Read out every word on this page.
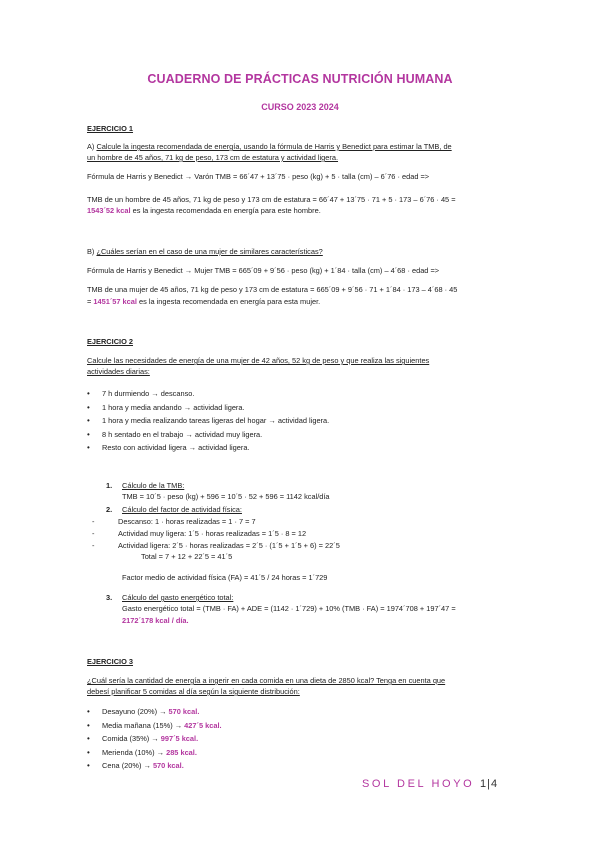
CUADERNO DE PRÁCTICAS NUTRICIÓN HUMANA
CURSO 2023 2024
EJERCICIO 1
A) Calcule la ingesta recomendada de energía, usando la fórmula de Harris y Benedict para estimar la TMB, de
un hombre de 45 años, 71 kg de peso, 173 cm de estatura y actividad ligera.
Fórmula de Harris y Benedict → Varón TMB = 66´47 + 13´75 · peso (kg) + 5 · talla (cm) – 6´76 · edad =>
TMB de un hombre de 45 años, 71 kg de peso y 173 cm de estatura = 66´47 + 13´75 · 71 + 5 · 173 – 6´76 · 45 =
1543´52 kcal es la ingesta recomendada en energía para este hombre.
B) ¿Cuáles serían en el caso de una mujer de similares características?
Fórmula de Harris y Benedict → Mujer TMB = 665´09 + 9´56 · peso (kg) + 1´84 · talla (cm) – 4´68 · edad =>
TMB de una mujer de 45 años, 71 kg de peso y 173 cm de estatura = 665´09 + 9´56 · 71 + 1´84 · 173 – 4´68 · 45
= 1451´57 kcal es la ingesta recomendada en energía para esta mujer.
EJERCICIO 2
Calcule las necesidades de energía de una mujer de 42 años, 52 kg de peso y que realiza las siguientes
actividades diarias:
• 7 h durmiendo → descanso.
• 1 hora y media andando → actividad ligera.
• 1 hora y media realizando tareas ligeras del hogar → actividad ligera.
• 8 h sentado en el trabajo → actividad muy ligera.
• Resto con actividad ligera → actividad ligera.
1. Cálculo de la TMB:
TMB = 10´5 · peso (kg) + 596 = 10´5 · 52 + 596 = 1142 kcal/día
2. Cálculo del factor de actividad física:
-	Descanso: 1 · horas realizadas = 1 · 7 = 7
-	Actividad muy ligera: 1´5 · horas realizadas = 1´5 · 8 = 12
-	Actividad ligera: 2´5 · horas realizadas = 2´5 · (1´5 + 1´5 + 6) = 22´5
Total = 7 + 12 + 22´5 = 41´5
Factor medio de actividad física (FA) = 41´5 / 24 horas = 1´729
3. Cálculo del gasto energético total:
Gasto energético total = (TMB · FA) + ADE = (1142 · 1´729) + 10% (TMB · FA) = 1974´708 + 197´47 =
2172´178 kcal / día.
EJERCICIO 3
¿Cuál sería la cantidad de energía a ingerir en cada comida en una dieta de 2850 kcal? Tenga en cuenta que
debesí planificar 5 comidas al día según la siguiente distribución:
• Desayuno (20%) → 570 kcal.
• Media mañana (15%) → 427´5 kcal.
• Comida (35%) → 997´5 kcal.
• Merienda (10%) → 285 kcal.
• Cena (20%) → 570 kcal.
SOL DEL HOYO 1|4
